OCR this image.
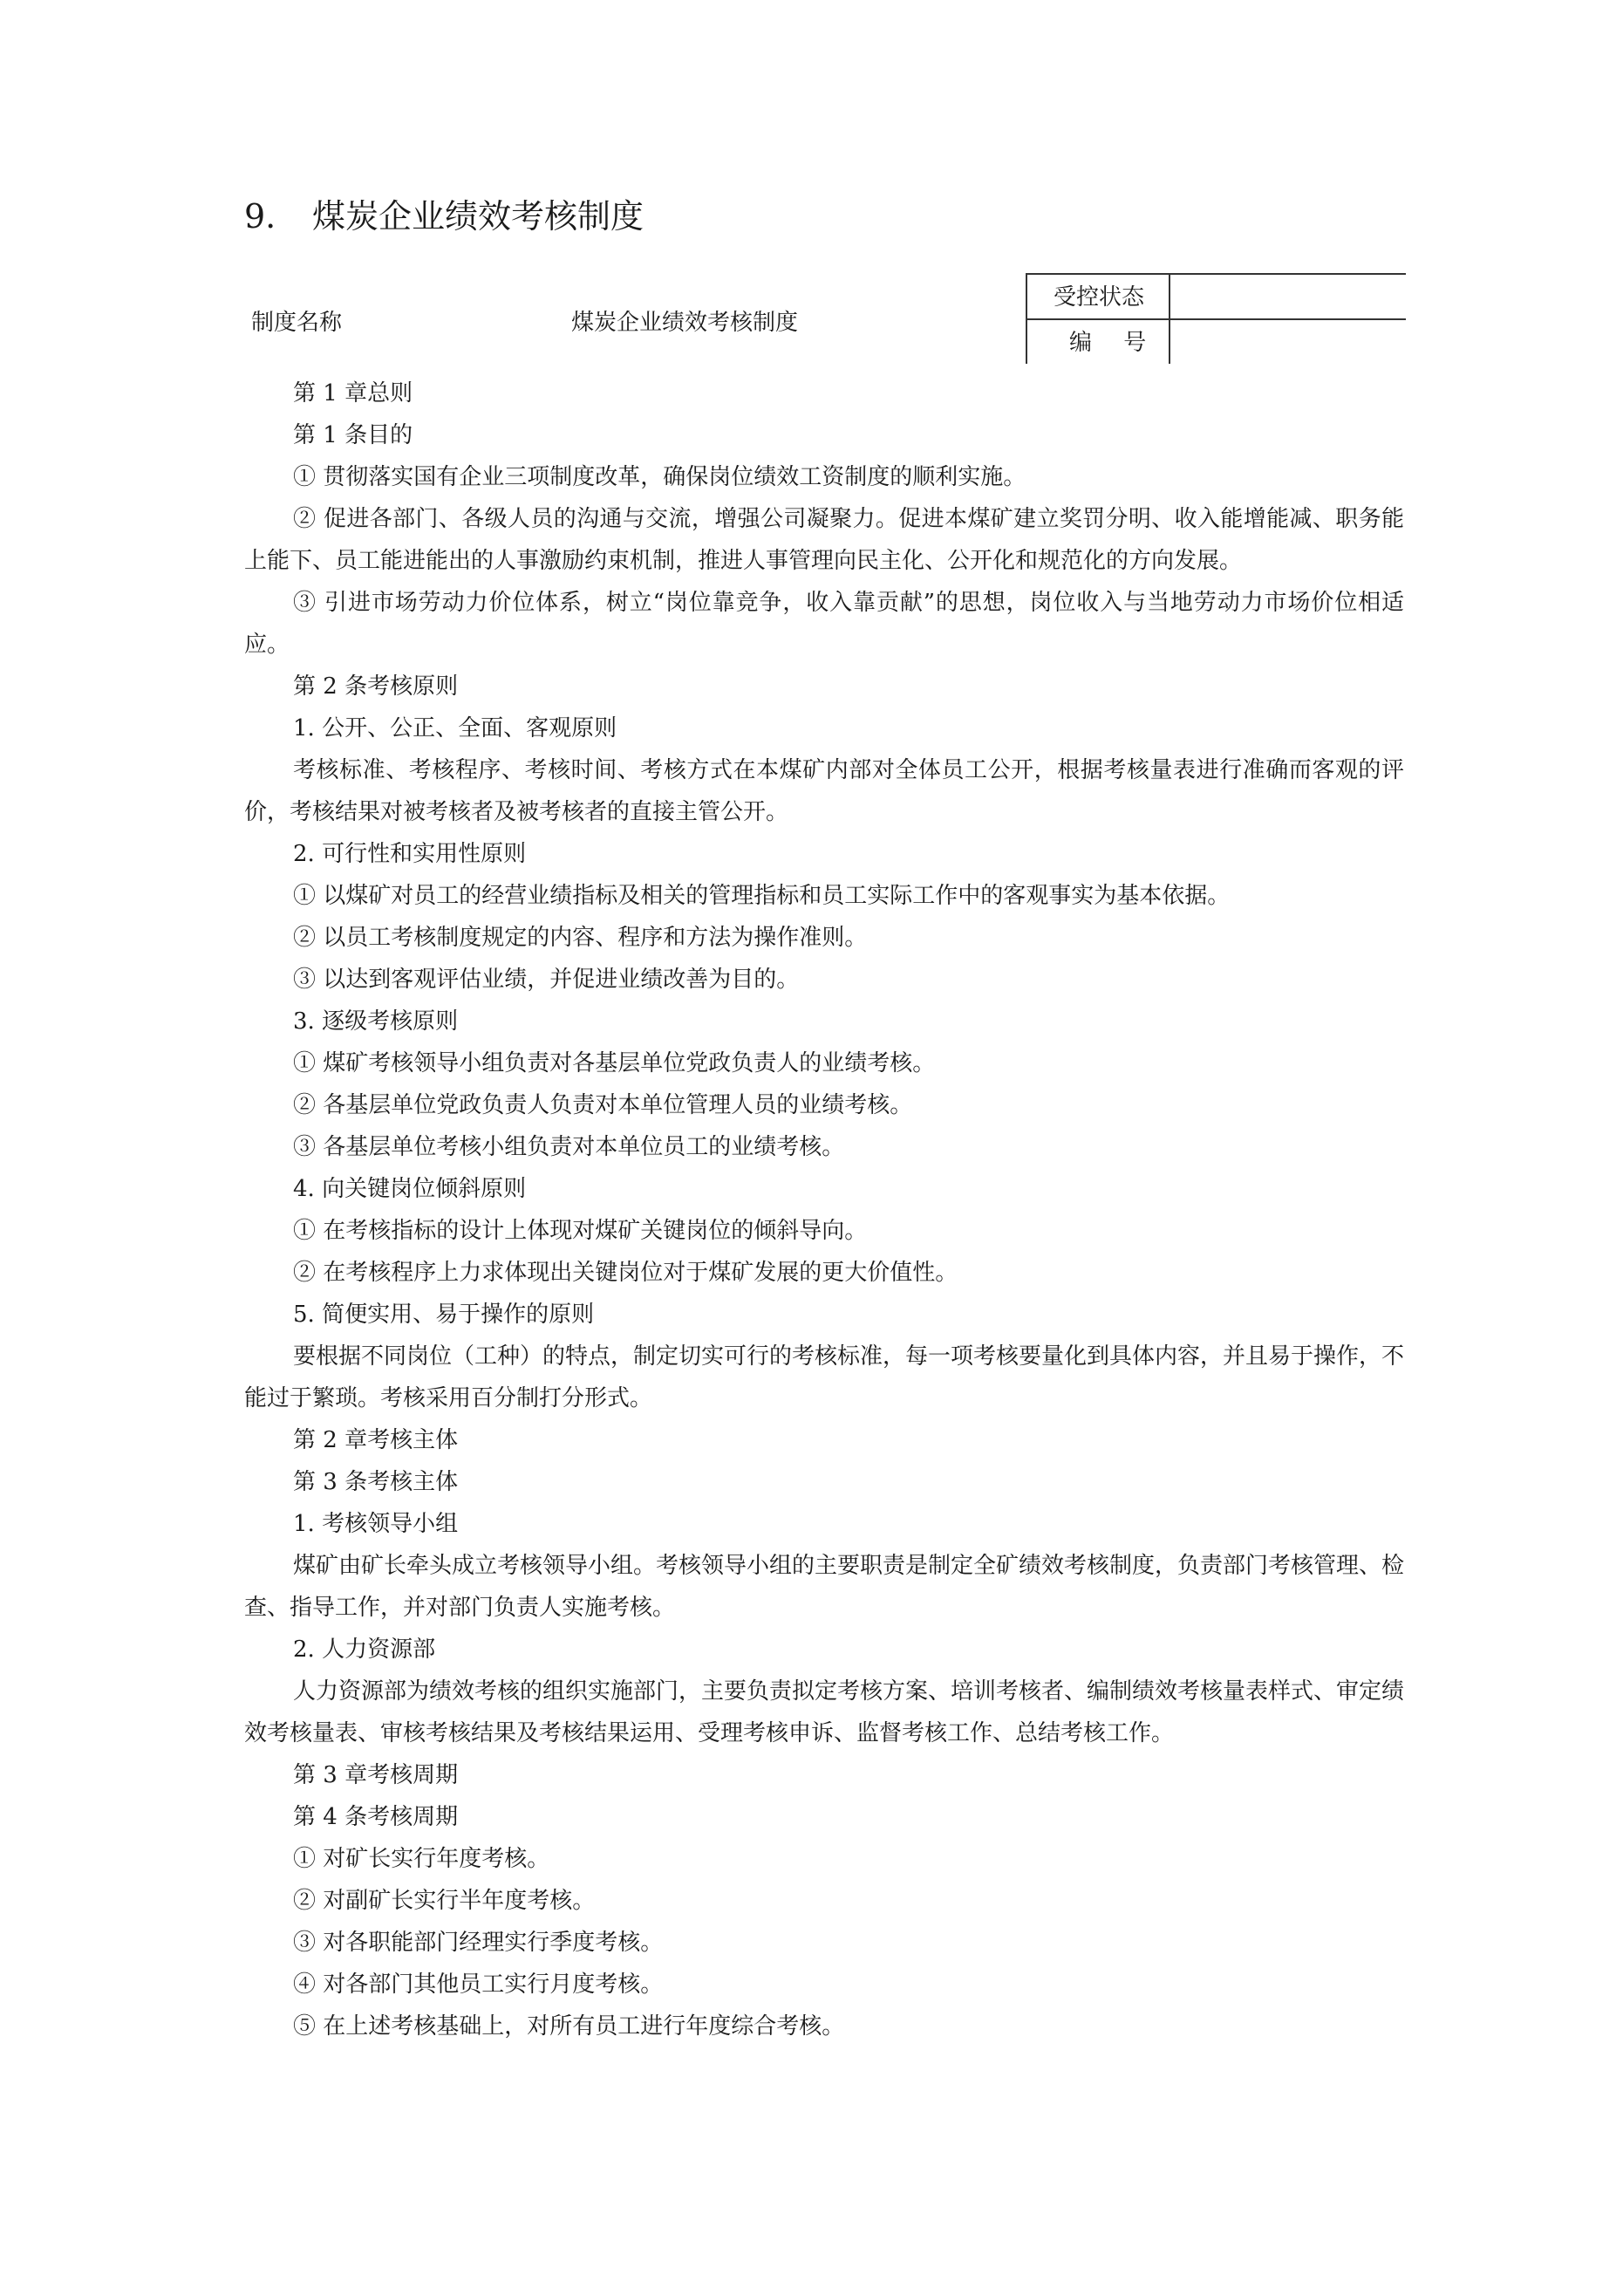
9. 煤炭企业绩效考核制度
制度名称	煤炭企业绩效考核制度
受控状态
编 号

第 1 章总则

第 1 条目的

① 贯彻落实国有企业三项制度改革，确保岗位绩效工资制度的顺利实施。

② 促进各部门、各级人员的沟通与交流，增强公司凝聚力。促进本煤矿建立奖罚分明、收入能增能减、职务能上能下、员工能进能出的人事激励约束机制，推进人事管理向民主化、公开化和规范化的方向发展。

③ 引进市场劳动力价位体系，树立“岗位靠竞争，收入靠贡献”的思想，岗位收入与当地劳动力市场价位相适应。

第 2 条考核原则

1. 公开、公正、全面、客观原则

考核标准、考核程序、考核时间、考核方式在本煤矿内部对全体员工公开，根据考核量表进行准确而客观的评价，考核结果对被考核者及被考核者的直接主管公开。

2. 可行性和实用性原则

① 以煤矿对员工的经营业绩指标及相关的管理指标和员工实际工作中的客观事实为基本依据。

② 以员工考核制度规定的内容、程序和方法为操作准则。

③ 以达到客观评估业绩，并促进业绩改善为目的。

3. 逐级考核原则

① 煤矿考核领导小组负责对各基层单位党政负责人的业绩考核。

② 各基层单位党政负责人负责对本单位管理人员的业绩考核。

③ 各基层单位考核小组负责对本单位员工的业绩考核。

4. 向关键岗位倾斜原则

① 在考核指标的设计上体现对煤矿关键岗位的倾斜导向。

② 在考核程序上力求体现出关键岗位对于煤矿发展的更大价值性。

5. 简便实用、易于操作的原则

要根据不同岗位（工种）的特点，制定切实可行的考核标准，每一项考核要量化到具体内容，并且易于操作，不能过于繁琐。考核采用百分制打分形式。

第 2 章考核主体

第 3 条考核主体

1. 考核领导小组

煤矿由矿长牵头成立考核领导小组。考核领导小组的主要职责是制定全矿绩效考核制度，负责部门考核管理、检查、指导工作，并对部门负责人实施考核。

2. 人力资源部

人力资源部为绩效考核的组织实施部门，主要负责拟定考核方案、培训考核者、编制绩效考核量表样式、审定绩效考核量表、审核考核结果及考核结果运用、受理考核申诉、监督考核工作、总结考核工作。

第 3 章考核周期

第 4 条考核周期

① 对矿长实行年度考核。

② 对副矿长实行半年度考核。

③ 对各职能部门经理实行季度考核。

④ 对各部门其他员工实行月度考核。

⑤ 在上述考核基础上，对所有员工进行年度综合考核。
